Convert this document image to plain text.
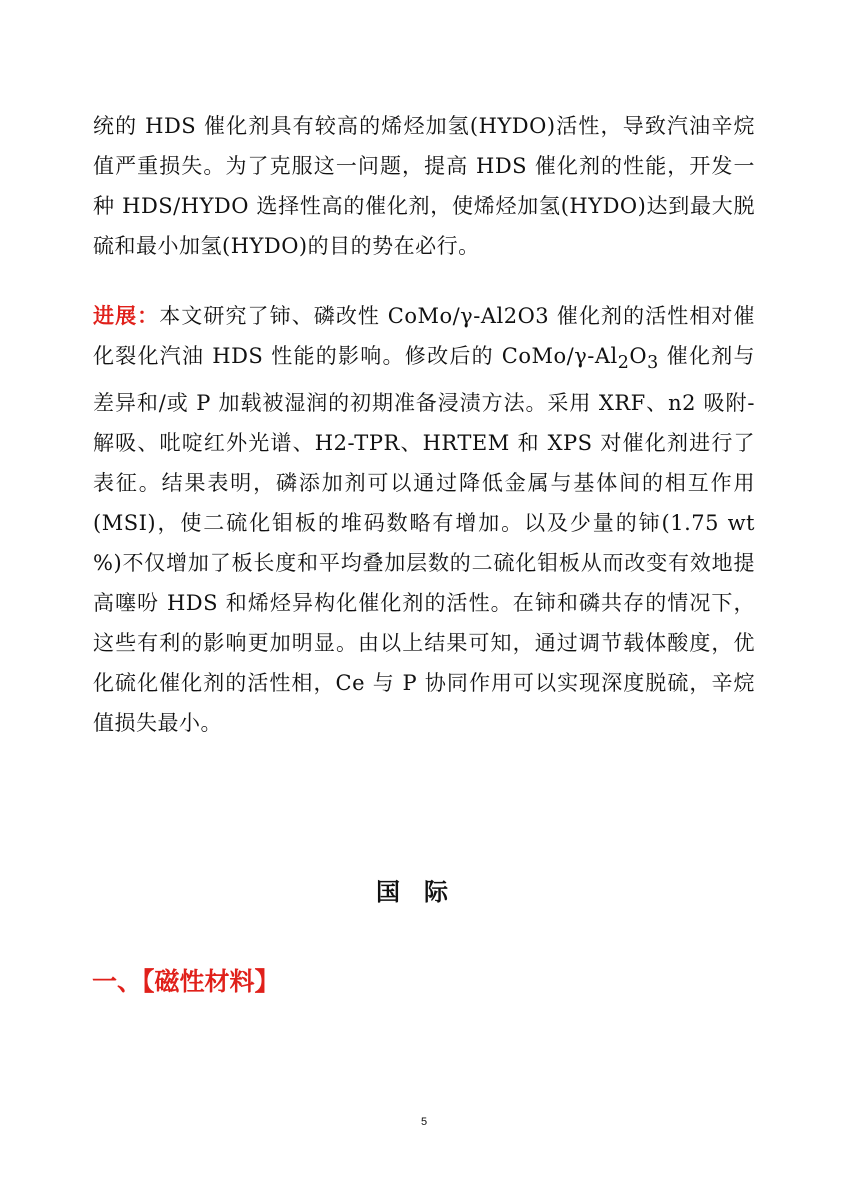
统的 HDS 催化剂具有较高的烯烃加氢(HYDO)活性，导致汽油辛烷值严重损失。为了克服这一问题，提高 HDS 催化剂的性能，开发一种 HDS/HYDO 选择性高的催化剂，使烯烃加氢(HYDO)达到最大脱硫和最小加氢(HYDO)的目的势在必行。

进展：本文研究了铈、磷改性 CoMo/γ-Al2O3 催化剂的活性相对催化裂化汽油 HDS 性能的影响。修改后的 CoMo/$\gamma-Al_2O_3$ 催化剂与差异和/或 P 加载被湿润的初期准备浸渍方法。采用 XRF、n2 吸附-解吸、吡啶红外光谱、H2-TPR、HRTEM 和 XPS 对催化剂进行了表征。结果表明，磷添加剂可以通过降低金属与基体间的相互作用(MSI)，使二硫化钼板的堆码数略有增加。以及少量的铈(1.75 wt %)不仅增加了板长度和平均叠加层数的二硫化钼板从而改变有效地提高噻吩 HDS 和烯烃异构化催化剂的活性。在铈和磷共存的情况下，这些有利的影响更加明显。由以上结果可知，通过调节载体酸度，优化硫化催化剂的活性相，Ce 与 P 协同作用可以实现深度脱硫，辛烷值损失最小。

国际
一、【磁性材料】
5
